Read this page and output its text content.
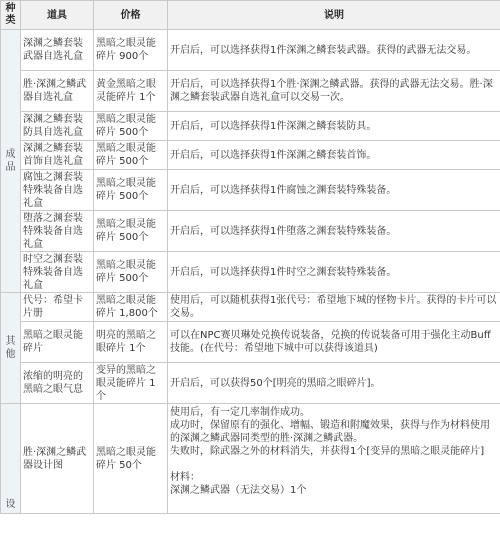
种类	道具	价格	说明
成品	深渊之鳞套装武器自选礼盒	黑暗之眼灵能碎片 900个	开启后，可以选择获得1件深渊之鳞套装武器。获得的武器无法交易。
	胜·深渊之鳞武器自选礼盒	黄金黑暗之眼灵能碎片 1个	开启后，可以选择获得1个胜·深渊之鳞武器。获得的武器无法交易。胜·深渊之鳞套装武器自选礼盒可以交易一次。
	深渊之鳞套装防具自选礼盒	黑暗之眼灵能碎片 500个	开启后，可以选择获得1件深渊之鳞套装防具。
	深渊之鳞套装首饰自选礼盒	黑暗之眼灵能碎片 500个	开启后，可以选择获得1件深渊之鳞套装首饰。
	腐蚀之渊套装特殊装备自选礼盒	黑暗之眼灵能碎片 500个	开启后，可以选择获得1件腐蚀之渊套装特殊装备。
	堕落之渊套装特殊装备自选礼盒	黑暗之眼灵能碎片 500个	开启后，可以选择获得1件堕落之渊套装特殊装备。
	时空之渊套装特殊装备自选礼盒	黑暗之眼灵能碎片 500个	开启后，可以选择获得1件时空之渊套装特殊装备。
其他	代号：希望卡片册	黑暗之眼灵能碎片 1,800个	使用后，可以随机获得1张代号：希望地下城的怪物卡片。获得的卡片可以交易。
	黑暗之眼灵能碎片	明亮的黑暗之眼碎片 1个	可以在NPC赛贝琳处兑换传说装备，兑换的传说装备可用于强化主动Buff技能。(在代号：希望地下城中可以获得该道具)
	浓缩的明亮的黑暗之眼气息	变异的黑暗之眼灵能碎片 1个	开启后，可以获得50个[明亮的黑暗之眼碎片]。
设	胜·深渊之鳞武器设计图	黑暗之眼灵能碎片 50个	使用后，有一定几率制作成功。
成功时，保留原有的强化、增幅、锻造和附魔效果，获得与作为材料使用的深渊之鳞武器同类型的胜·深渊之鳞武器。
失败时，除武器之外的材料消失，并获得1个[变异的黑暗之眼灵能碎片]
材料：
深渊之鳞武器（无法交易）1个
